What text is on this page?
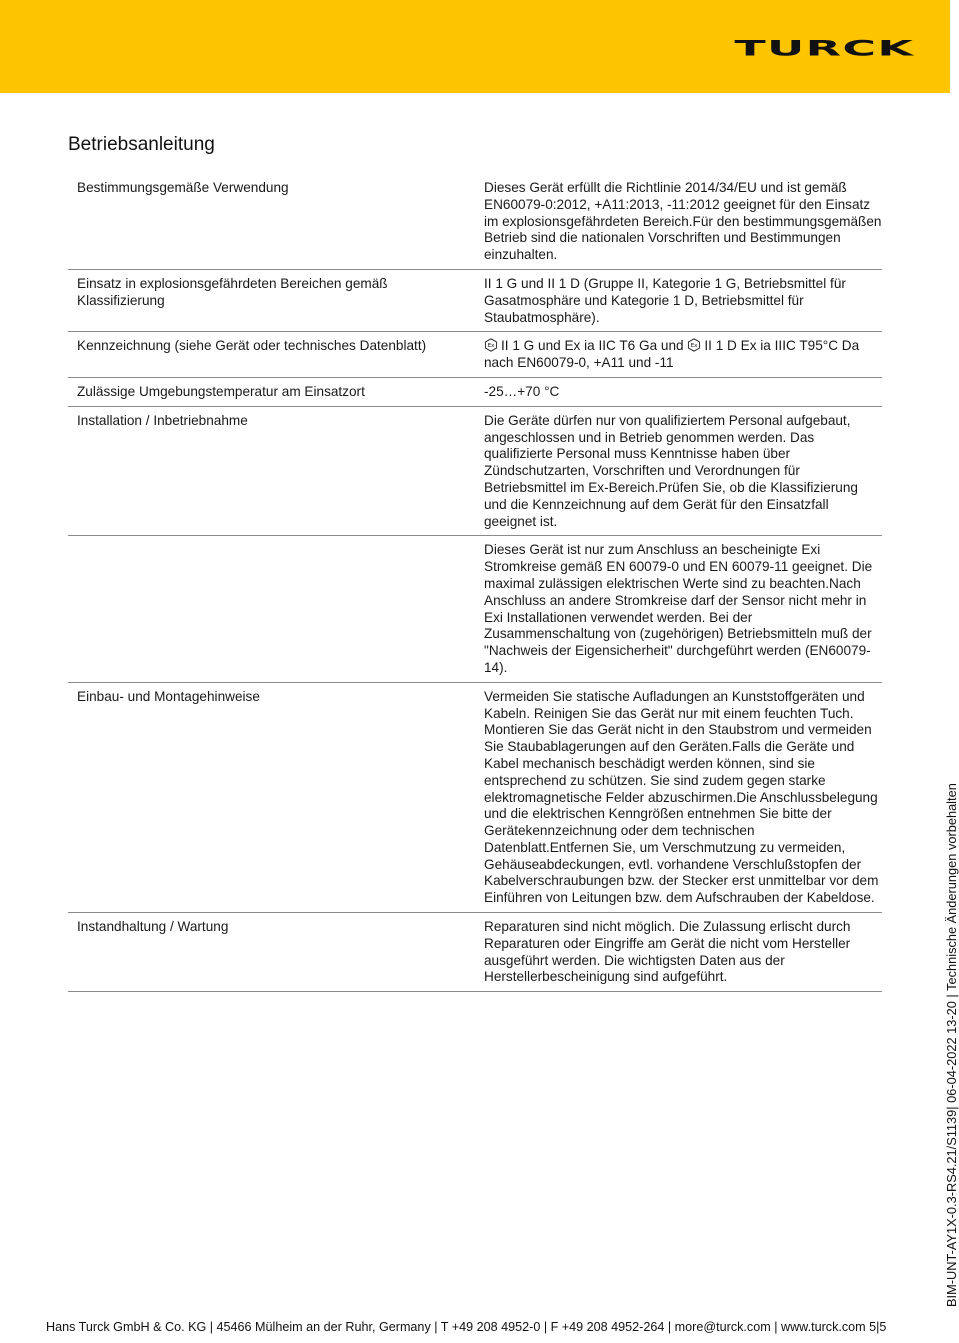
TURCK
Betriebsanleitung
Bestimmungsgemäße Verwendung	Dieses Gerät erfüllt die Richtlinie 2014/34/EU und ist gemäß EN60079-0:2012, +A11:2013, -11:2012 geeignet für den Einsatz im explosionsgefährdeten Bereich.Für den bestimmungsgemäßen Betrieb sind die nationalen Vorschriften und Bestimmungen einzuhalten.
Einsatz in explosionsgefährdeten Bereichen gemäß Klassifizierung	II 1 G und II 1 D (Gruppe II, Kategorie 1 G, Betriebsmittel für Gasatmosphäre und Kategorie 1 D, Betriebsmittel für Staubatmosphäre).
Kennzeichnung (siehe Gerät oder technisches Datenblatt)	Ex II 1 G und Ex ia IIC T6 Ga und Ex II 1 D Ex ia IIIC T95°C Da nach EN60079-0, +A11 und -11
Zulässige Umgebungstemperatur am Einsatzort	-25…+70 °C
Installation / Inbetriebnahme	Die Geräte dürfen nur von qualifiziertem Personal aufgebaut, angeschlossen und in Betrieb genommen werden. Das qualifizierte Personal muss Kenntnisse haben über Zündschutzarten, Vorschriften und Verordnungen für Betriebsmittel im Ex-Bereich.Prüfen Sie, ob die Klassifizierung und die Kennzeichnung auf dem Gerät für den Einsatzfall geeignet ist.
	Dieses Gerät ist nur zum Anschluss an bescheinigte Exi Stromkreise gemäß EN 60079-0 und EN 60079-11 geeignet. Die maximal zulässigen elektrischen Werte sind zu beachten.Nach Anschluss an andere Stromkreise darf der Sensor nicht mehr in Exi Installationen verwendet werden. Bei der Zusammenschaltung von (zugehörigen) Betriebsmitteln muß der "Nachweis der Eigensicherheit" durchgeführt werden (EN60079-14).
Einbau- und Montagehinweise	Vermeiden Sie statische Aufladungen an Kunststoffgeräten und Kabeln. Reinigen Sie das Gerät nur mit einem feuchten Tuch. Montieren Sie das Gerät nicht in den Staubstrom und vermeiden Sie Staubablagerungen auf den Geräten.Falls die Geräte und Kabel mechanisch beschädigt werden können, sind sie entsprechend zu schützen. Sie sind zudem gegen starke elektromagnetische Felder abzuschirmen.Die Anschlussbelegung und die elektrischen Kenngrößen entnehmen Sie bitte der Gerätekennzeichnung oder dem technischen Datenblatt.Entfernen Sie, um Verschmutzung zu vermeiden, Gehäuseabdeckungen, evtl. vorhandene Verschlußstopfen der Kabelverschraubungen bzw. der Stecker erst unmittelbar vor dem Einführen von Leitungen bzw. dem Aufschrauben der Kabeldose.
Instandhaltung / Wartung	Reparaturen sind nicht möglich. Die Zulassung erlischt durch Reparaturen oder Eingriffe am Gerät die nicht vom Hersteller ausgeführt werden. Die wichtigsten Daten aus der Herstellerbescheinigung sind aufgeführt.	BIM-UNT-AY1X-0.3-RS4.21/S1139| 06-04-2022 13-20 | Technische Änderungen vorbehalten
Hans Turck GmbH & Co. KG | 45466 Mülheim an der Ruhr, Germany | T +49 208 4952-0 | F +49 208 4952-264 | more@turck.com | www.turck.com 5|5
